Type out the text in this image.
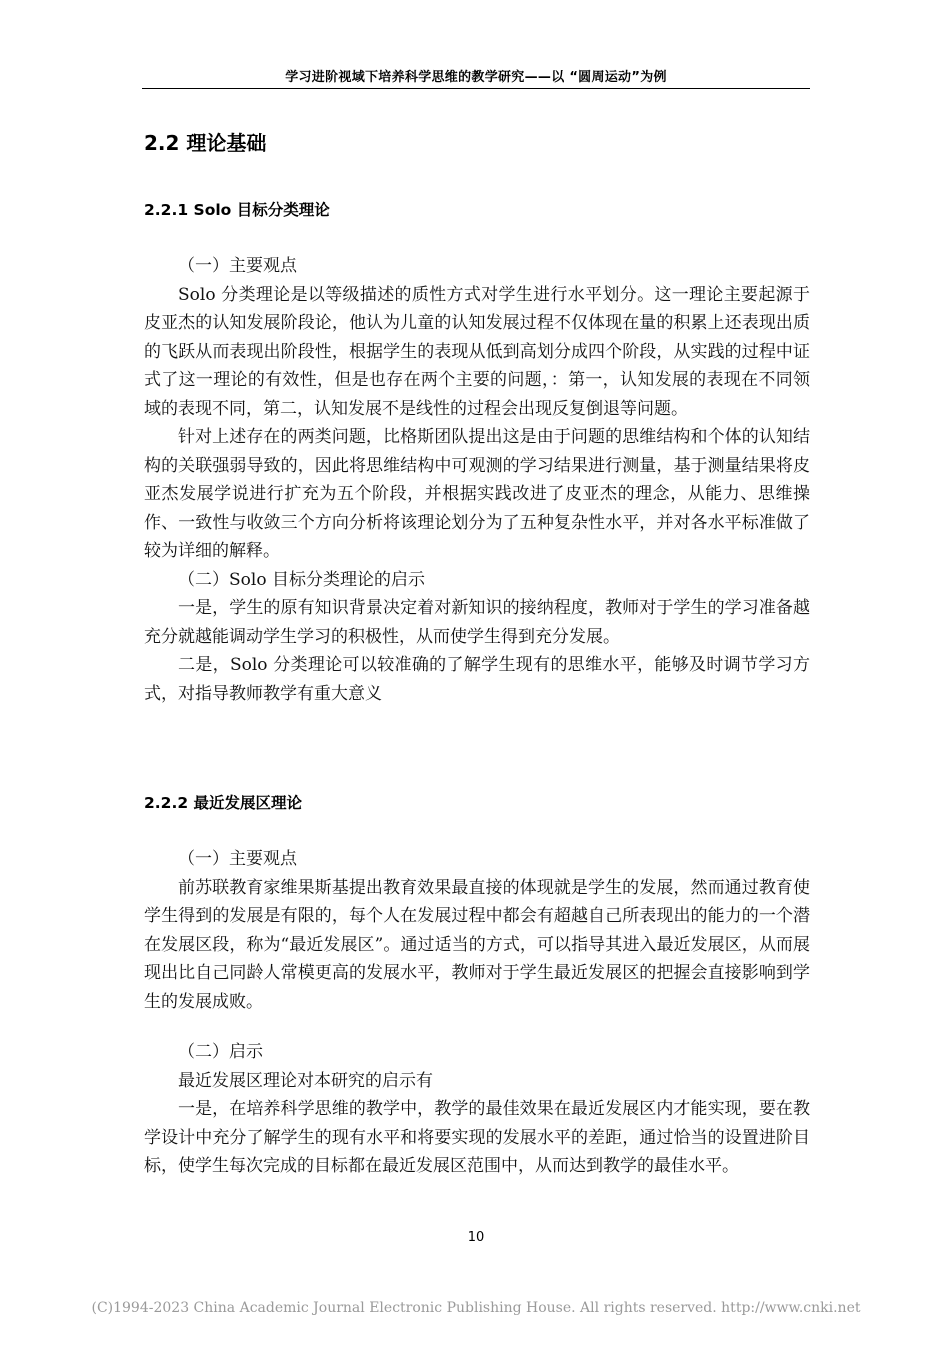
学习进阶视域下培养科学思维的教学研究——以 “圆周运动”为例
2.2 理论基础
2.2.1 Solo 目标分类理论

（一）主要观点

Solo 分类理论是以等级描述的质性方式对学生进行水平划分。这一理论主要起源于皮亚杰的认知发展阶段论，他认为儿童的认知发展过程不仅体现在量的积累上还表现出质的飞跃从而表现出阶段性，根据学生的表现从低到高划分成四个阶段，从实践的过程中证式了这一理论的有效性，但是也存在两个主要的问题，：第一，认知发展的表现在不同领域的表现不同，第二，认知发展不是线性的过程会出现反复倒退等问题。

针对上述存在的两类问题，比格斯团队提出这是由于问题的思维结构和个体的认知结构的关联强弱导致的，因此将思维结构中可观测的学习结果进行测量，基于测量结果将皮亚杰发展学说进行扩充为五个阶段，并根据实践改进了皮亚杰的理念，从能力、思维操作、一致性与收敛三个方向分析将该理论划分为了五种复杂性水平，并对各水平标准做了较为详细的解释。

（二）Solo 目标分类理论的启示

一是，学生的原有知识背景决定着对新知识的接纳程度，教师对于学生的学习准备越充分就越能调动学生学习的积极性，从而使学生得到充分发展。

二是，Solo 分类理论可以较准确的了解学生现有的思维水平，能够及时调节学习方式，对指导教师教学有重大意义

2.2.2 最近发展区理论

（一）主要观点

前苏联教育家维果斯基提出教育效果最直接的体现就是学生的发展，然而通过教育使学生得到的发展是有限的，每个人在发展过程中都会有超越自己所表现出的能力的一个潜在发展区段，称为“最近发展区”。通过适当的方式，可以指导其进入最近发展区，从而展现出比自己同龄人常模更高的发展水平，教师对于学生最近发展区的把握会直接影响到学生的发展成败。

（二）启示

最近发展区理论对本研究的启示有

一是，在培养科学思维的教学中，教学的最佳效果在最近发展区内才能实现，要在教学设计中充分了解学生的现有水平和将要实现的发展水平的差距，通过恰当的设置进阶目标，使学生每次完成的目标都在最近发展区范围中，从而达到教学的最佳水平。

10
(C)1994-2023 China Academic Journal Electronic Publishing House. All rights reserved. http://www.cnki.net
